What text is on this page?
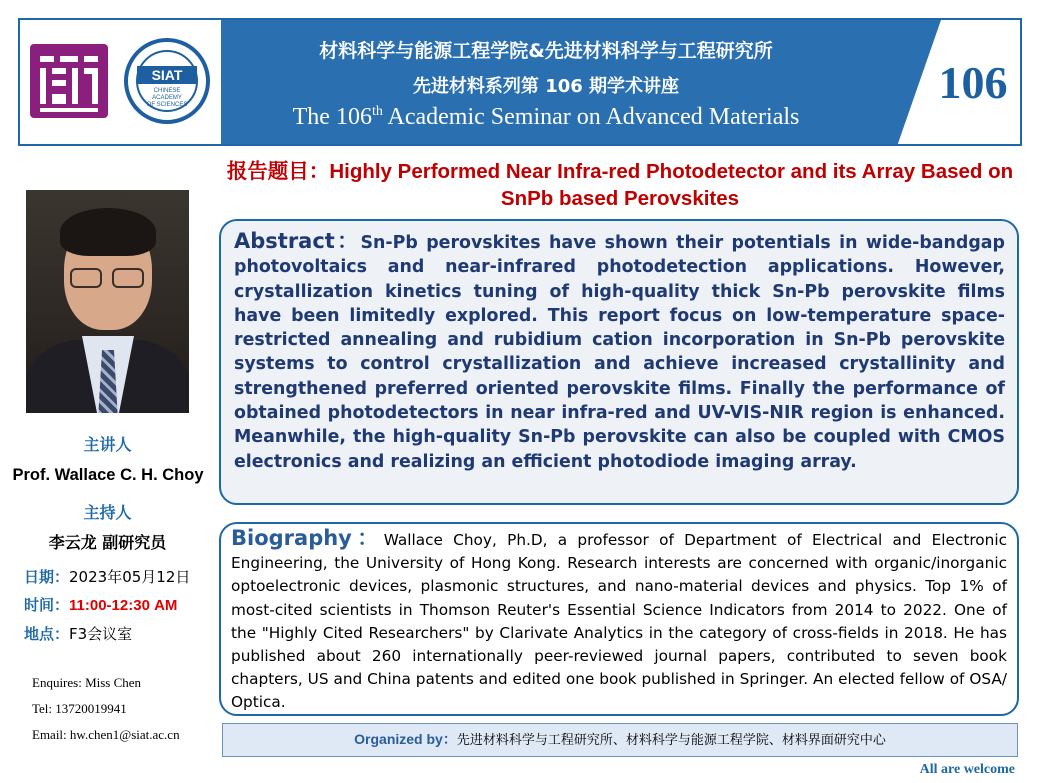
SIAT
CHINESE
ACADEMY
OF SCIENCES
材料科学与能源工程学院&先进材料科学与工程研究所
先进材料系列第 106 期学术讲座
The 106th Academic Seminar on Advanced Materials
106
报告题目：Highly Performed Near Infra-red Photodetector and its Array Based on SnPb based Perovskites
主讲人
Prof. Wallace C. H. Choy
主持人
李云龙 副研究员
日期：2023年05月12日
时间：11:00-12:30 AM
地点：F3会议室
Enquires: Miss Chen
Tel: 13720019941
Email: hw.chen1@siat.ac.cn

Abstract：Sn-Pb perovskites have shown their potentials in wide-bandgap photovoltaics and near-infrared photodetection applications. However, crystallization kinetics tuning of high-quality thick Sn-Pb perovskite films have been limitedly explored. This report focus on low-temperature space-restricted annealing and rubidium cation incorporation in Sn-Pb perovskite systems to control crystallization and achieve increased crystallinity and strengthened preferred oriented perovskite films. Finally the performance of obtained photodetectors in near infra-red and UV-VIS-NIR region is enhanced. Meanwhile, the high-quality Sn-Pb perovskite can also be coupled with CMOS electronics and realizing an efficient photodiode imaging array.

Biography：Wallace Choy, Ph.D, a professor of Department of Electrical and Electronic Engineering, the University of Hong Kong. Research interests are concerned with organic/inorganic optoelectronic devices, plasmonic structures, and nano-material devices and physics. Top 1% of most-cited scientists in Thomson Reuter's Essential Science Indicators from 2014 to 2022. One of the "Highly Cited Researchers" by Clarivate Analytics in the category of cross-fields in 2018. He has published about 260 internationally peer-reviewed journal papers, contributed to seven book chapters, US and China patents and edited one book published in Springer. An elected fellow of OSA/ Optica.

Organized by：先进材料科学与工程研究所、材料科学与能源工程学院、材料界面研究中心
All are welcome
